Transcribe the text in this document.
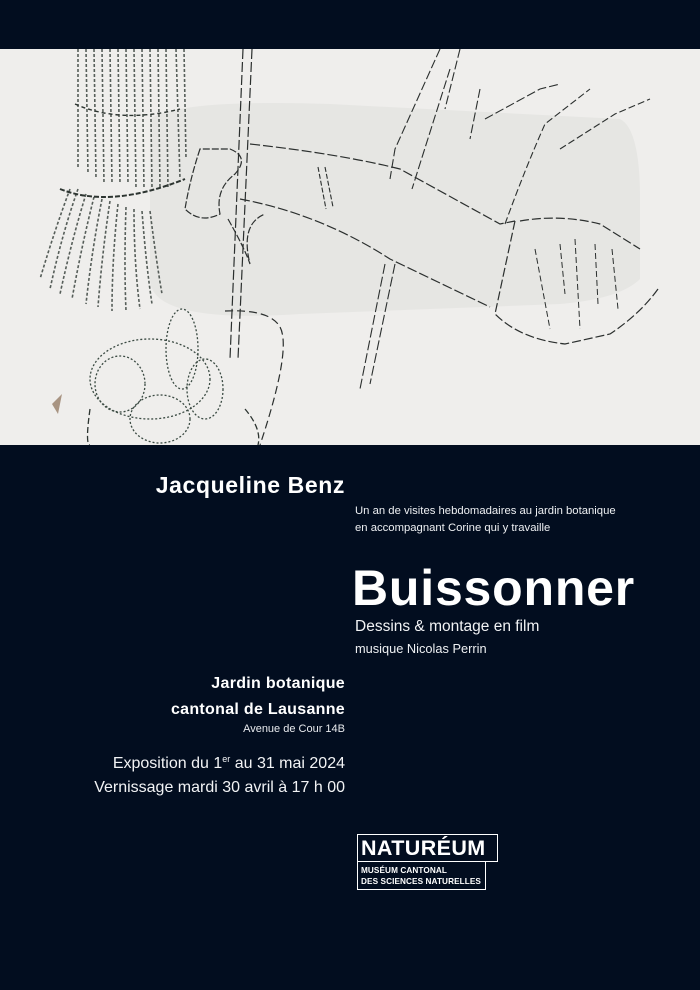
Jacqueline Benz
Un an de visites hebdomadaires au jardin botanique
en accompagnant Corine qui y travaille
Buissonner
Dessins & montage en film
musique Nicolas Perrin
Jardin botanique
cantonal de Lausanne
Avenue de Cour 14B
Exposition du 1er au 31 mai 2024
Vernissage mardi 30 avril à 17 h 00
NATURÉUM
MUSÉUM CANTONAL
DES SCIENCES NATURELLES
